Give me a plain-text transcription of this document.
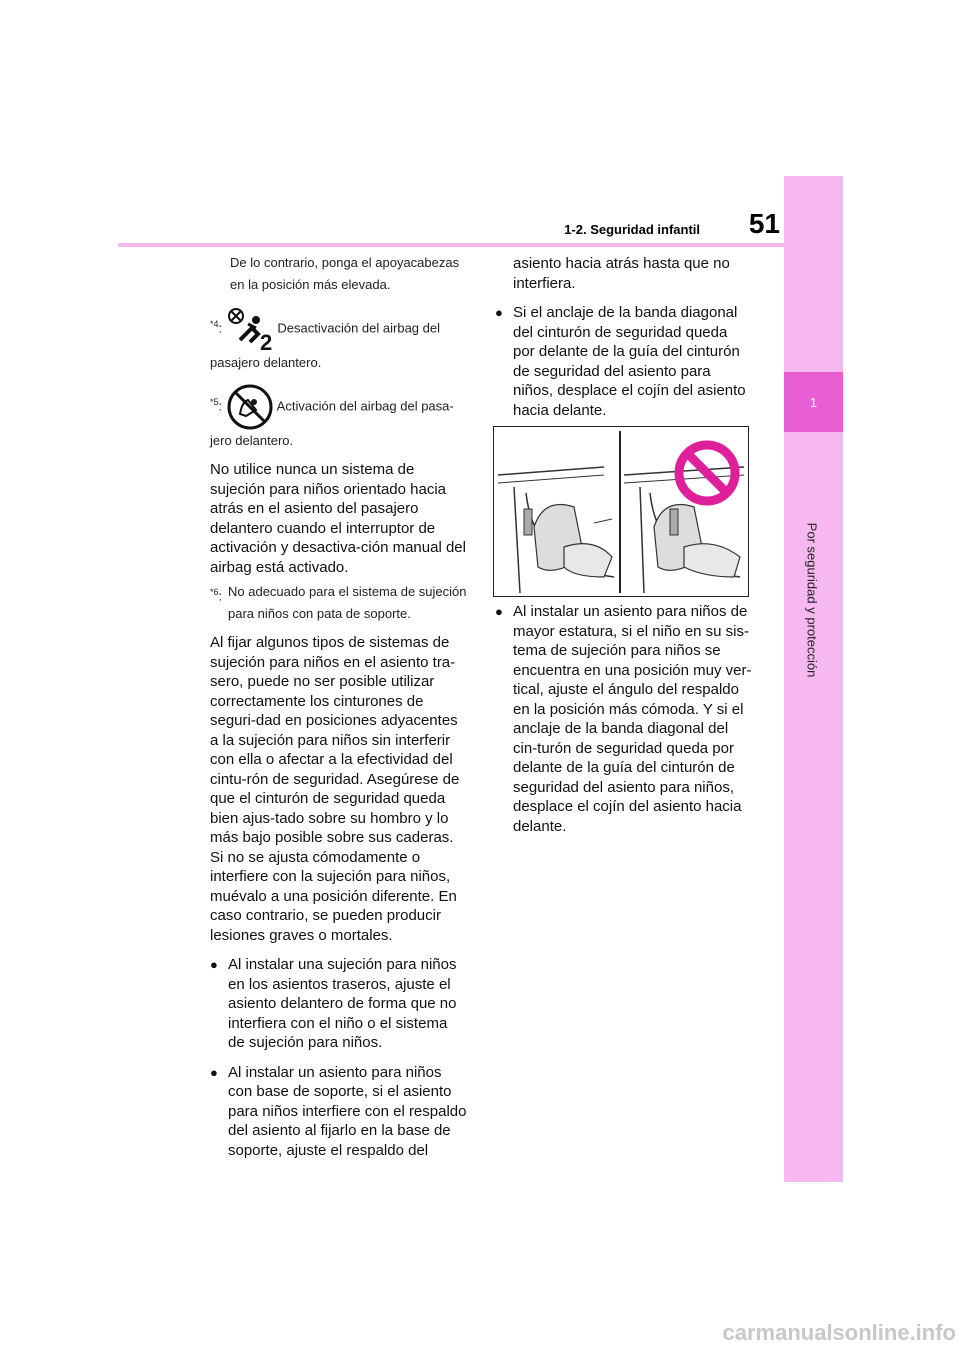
1
Por seguridad y protección
51
1-2. Seguridad infantil
De lo contrario, ponga el apoyacabezas en la posición más elevada.
$^{*4}$:
2
Desactivación del airbag del
pasajero delantero.
$^{*5}$:	Activación del airbag del pasa-
jero delantero.
No utilice nunca un sistema de sujeción para niños orientado hacia atrás en el asiento del pasajero delantero cuando el interruptor de activación y desactiva-ción manual del airbag está activado.
$^{*6}$: No adecuado para el sistema de sujeción para niños con pata de soporte.
Al fijar algunos tipos de sistemas de sujeción para niños en el asiento tra-sero, puede no ser posible utilizar correctamente los cinturones de seguri-dad en posiciones adyacentes a la sujeción para niños sin interferir con ella o afectar a la efectividad del cintu-rón de seguridad. Asegúrese de que el cinturón de seguridad queda bien ajus-tado sobre su hombro y lo más bajo posible sobre sus caderas. Si no se ajusta cómodamente o interfiere con la sujeción para niños, muévalo a una posición diferente. En caso contrario, se pueden producir lesiones graves o mortales.
● Al instalar una sujeción para niños en los asientos traseros, ajuste el asiento delantero de forma que no interfiera con el niño o el sistema de sujeción para niños.
● Al instalar un asiento para niños con base de soporte, si el asiento para niños interfiere con el respaldo del asiento al fijarlo en la base de soporte, ajuste el respaldo del
asiento hacia atrás hasta que no interfiera.
● Si el anclaje de la banda diagonal del cinturón de seguridad queda por delante de la guía del cinturón de seguridad del asiento para niños, desplace el cojín del asiento hacia delante.
● Al instalar un asiento para niños de mayor estatura, si el niño en su sis-tema de sujeción para niños se encuentra en una posición muy ver-tical, ajuste el ángulo del respaldo en la posición más cómoda. Y si el anclaje de la banda diagonal del cin-turón de seguridad queda por delante de la guía del cinturón de seguridad del asiento para niños, desplace el cojín del asiento hacia delante.
carmanualsonline.info
